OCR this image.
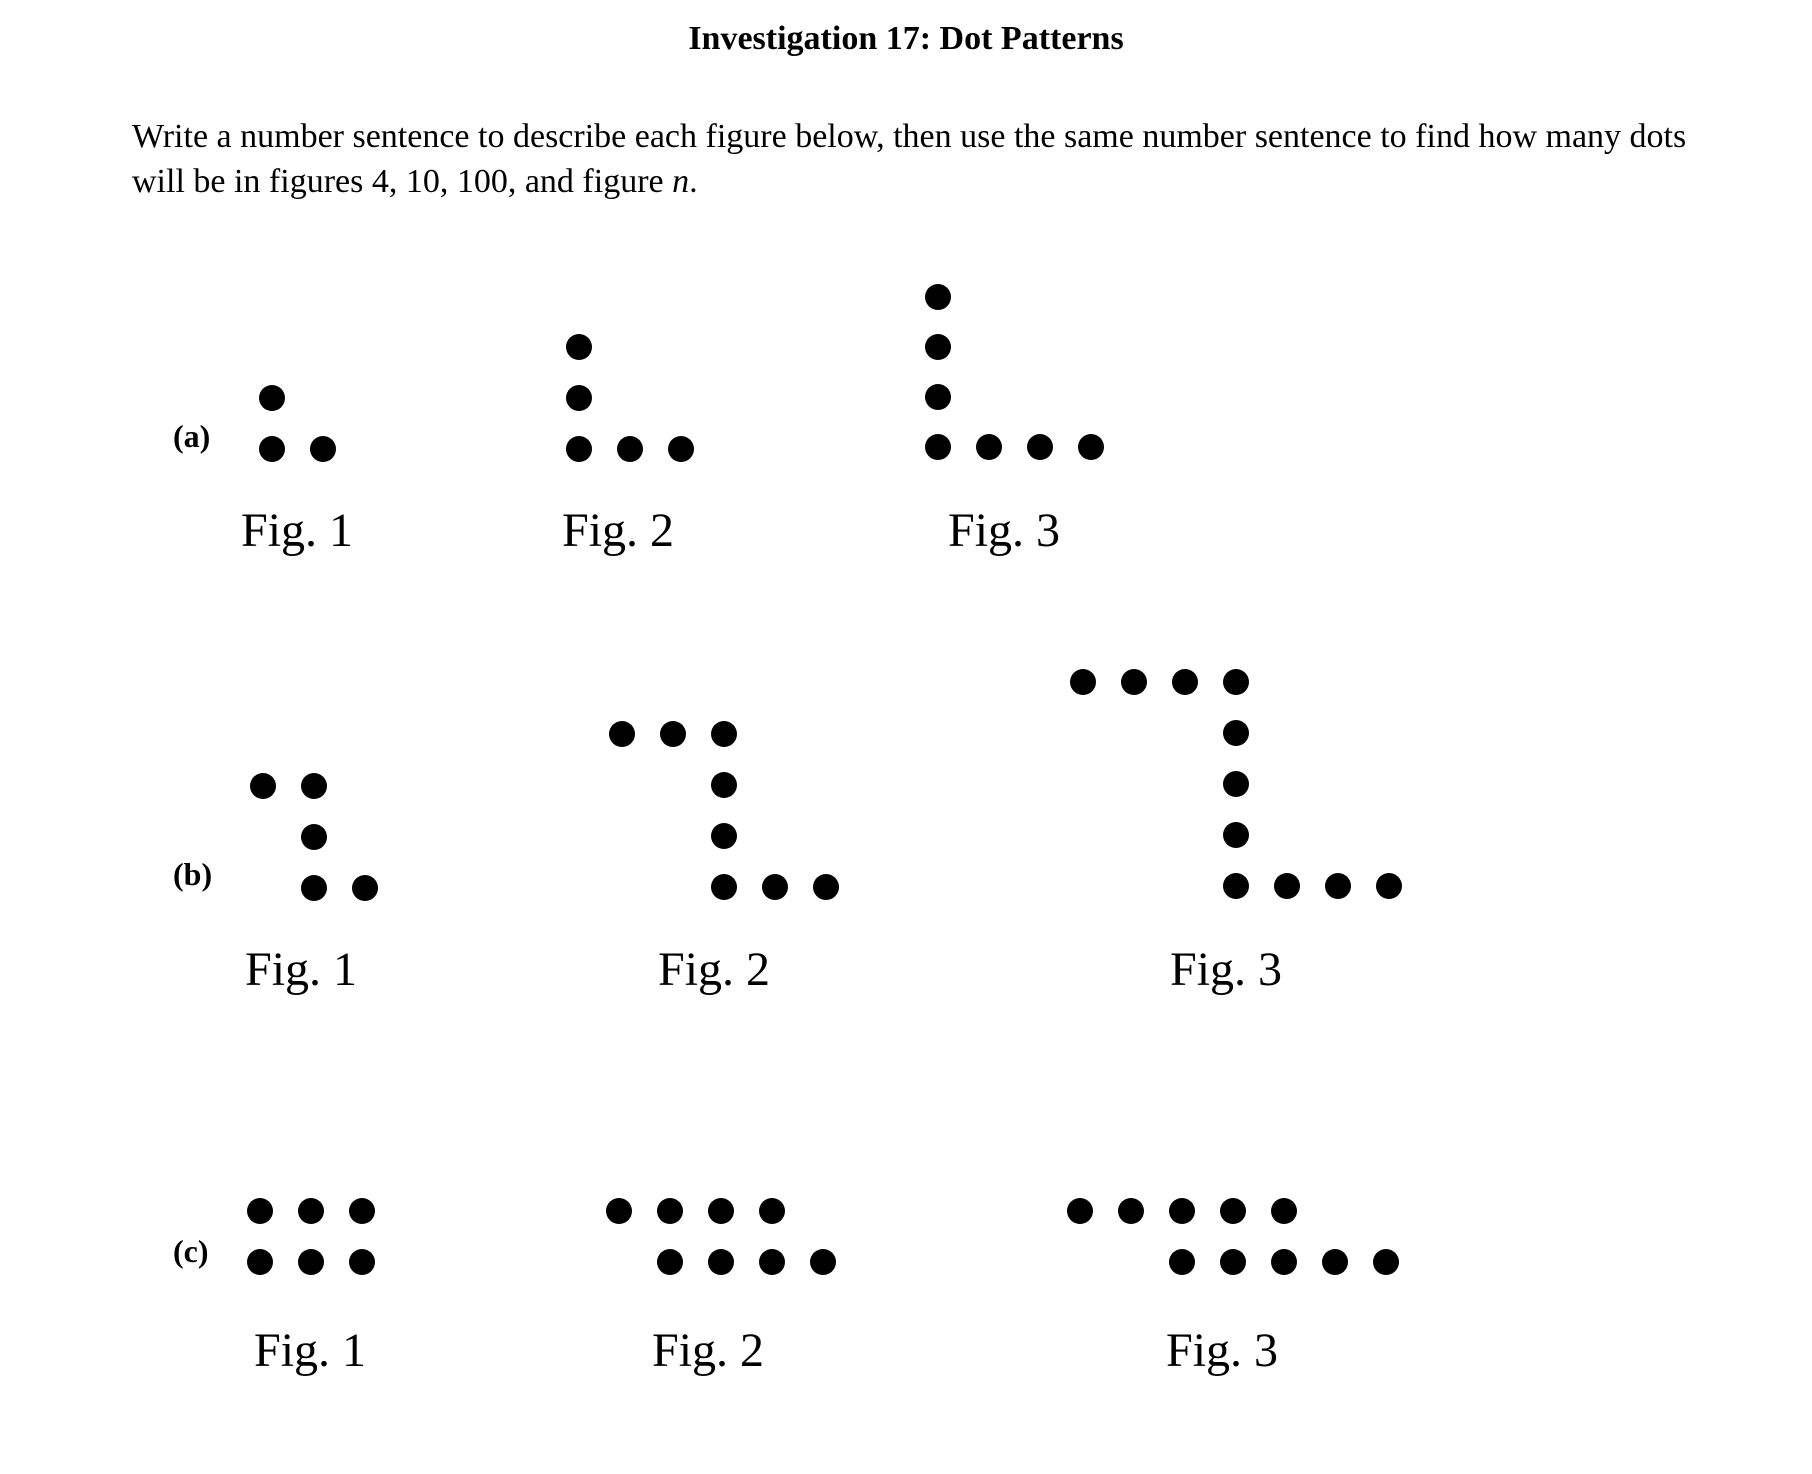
Investigation 17: Dot Patterns

Write a number sentence to describe each figure below, then use the same number sentence to find how many dots will be in figures 4, 10, 100, and figure n.

(a)
Fig. 1	Fig. 2	Fig. 3
(b)
Fig. 1	Fig. 2	Fig. 3
(c)
Fig. 1	Fig. 2	Fig. 3
